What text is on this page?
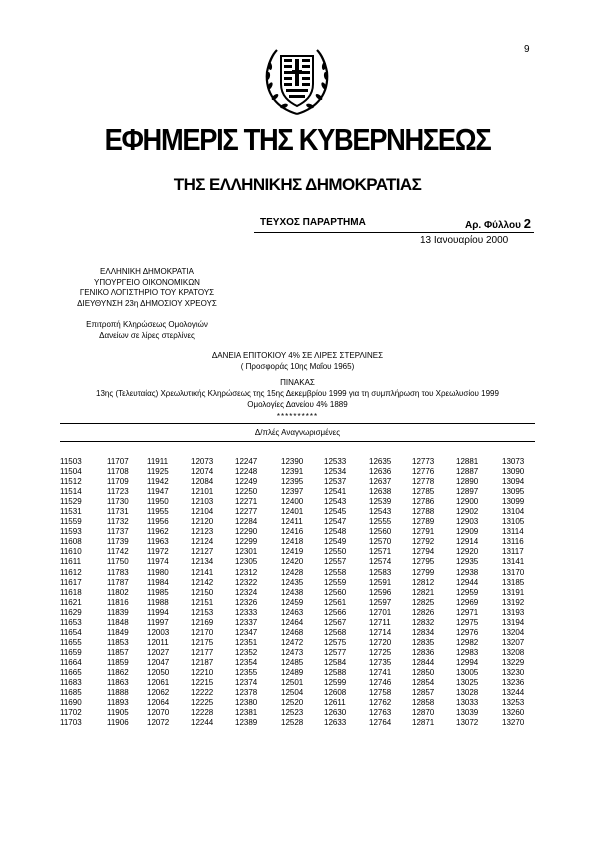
9
ΕΦΗΜΕΡΙΣ ΤΗΣ ΚΥΒΕΡΝΗΣΕΩΣ
ΤΗΣ ΕΛΛΗΝΙΚΗΣ ΔΗΜΟΚΡΑΤΙΑΣ
ΤΕΥΧΟΣ ΠΑΡΑΡΤΗΜΑ	Αρ. Φύλλου 2
13 Ιανουαρίου 2000
ΕΛΛΗΝΙΚΗ ΔΗΜΟΚΡΑΤΙΑ
ΥΠΟΥΡΓΕΙΟ ΟΙΚΟΝΟΜΙΚΩΝ
ΓΕΝΙΚΟ ΛΟΓΙΣΤΗΡΙΟ ΤΟΥ ΚΡΑΤΟΥΣ
ΔΙΕΥΘΥΝΣΗ 23η ΔΗΜΟΣΙΟΥ ΧΡΕΟΥΣ
Επιτροπή Κληρώσεως Ομολογιών
Δανείων σε λίρες στερλίνες
ΔΑΝΕΙΑ ΕΠΙΤΟΚΙΟΥ 4% ΣΕ ΛΙΡΕΣ ΣΤΕΡΛΙΝΕΣ
( Προσφοράς 10ης Μαΐου 1965)
ΠΙΝΑΚΑΣ
13ης (Τελευταίας) Χρεωλυτικής Κληρώσεως της 15ης Δεκεμβρίου 1999 για τη συμπλήρωση του Χρεωλυσίου 1999
Ομολογίες Δανείου 4% 1889
**********
Δ/πλές Αναγνωρισμένες
11503
11504
11512
11514
11529
11531
11559
11593
11608
11610
11611
11612
11617
11618
11621
11629
11653
11654
11655
11659
11664
11665
11683
11685
11690
11702
11703
11707
11708
11709
11723
11730
11731
11732
11737
11739
11742
11750
11783
11787
11802
11816
11839
11848
11849
11853
11857
11859
11862
11863
11888
11893
11905
11906
11911
11925
11942
11947
11950
11955
11956
11962
11963
11972
11974
11980
11984
11985
11988
11994
11997
12003
12011
12027
12047
12050
12061
12062
12064
12070
12072
12073
12074
12084
12101
12103
12104
12120
12123
12124
12127
12134
12141
12142
12150
12151
12153
12169
12170
12175
12177
12187
12210
12215
12222
12225
12228
12244
12247
12248
12249
12250
12271
12277
12284
12290
12299
12301
12305
12312
12322
12324
12326
12333
12337
12347
12351
12352
12354
12355
12374
12378
12380
12381
12389
12390
12391
12395
12397
12400
12401
12411
12416
12418
12419
12420
12428
12435
12438
12459
12463
12464
12468
12472
12473
12485
12489
12501
12504
12520
12523
12528
12533
12534
12537
12541
12543
12545
12547
12548
12549
12550
12557
12558
12559
12560
12561
12566
12567
12568
12575
12577
12584
12588
12599
12608
12611
12630
12633
12635
12636
12637
12638
12539
12543
12555
12560
12570
12571
12574
12583
12591
12596
12597
12701
12711
12714
12720
12725
12735
12741
12746
12758
12762
12763
12764
12773
12776
12778
12785
12786
12788
12789
12791
12792
12794
12795
12799
12812
12821
12825
12826
12832
12834
12835
12836
12844
12850
12854
12857
12858
12870
12871
12881
12887
12890
12897
12900
12902
12903
12909
12914
12920
12935
12938
12944
12959
12969
12971
12975
12976
12982
12983
12994
13005
13025
13028
13033
13039
13072
13073
13090
13094
13095
13099
13104
13105
13114
13116
13117
13141
13170
13185
13191
13192
13193
13194
13204
13207
13208
13229
13230
13236
13244
13253
13260
13270
